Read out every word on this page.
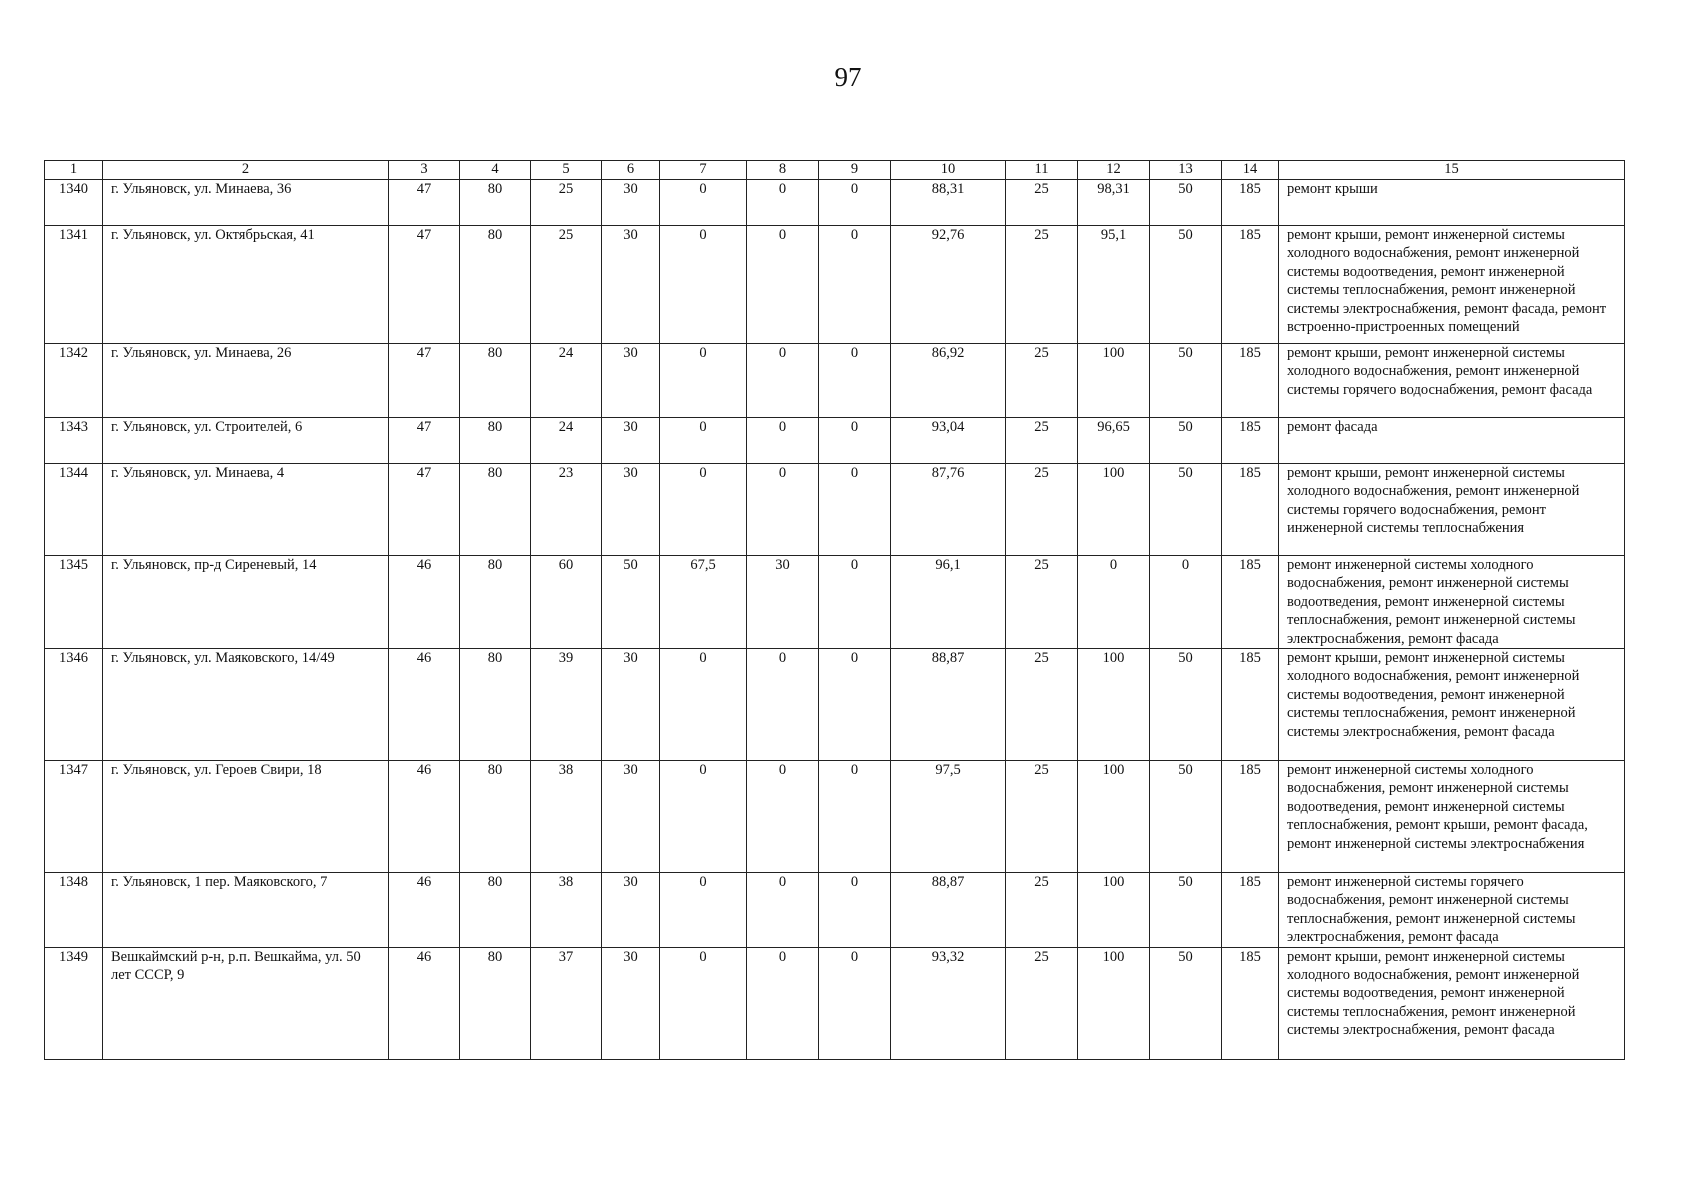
97
1	2	3	4	5	6	7	8	9	10	11	12	13	14	15
1340	г. Ульяновск, ул. Минаева, 36	47	80	25	30	0	0	0	88,31	25	98,31	50	185	ремонт крыши
1341	г. Ульяновск, ул. Октябрьская, 41	47	80	25	30	0	0	0	92,76	25	95,1	50	185	ремонт крыши, ремонт инженерной системы холодного водоснабжения, ремонт инженерной системы водоотведения, ремонт инженерной системы теплоснабжения, ремонт инженерной системы электроснабжения, ремонт фасада, ремонт встроенно-пристроенных помещений
1342	г. Ульяновск, ул. Минаева, 26	47	80	24	30	0	0	0	86,92	25	100	50	185	ремонт крыши, ремонт инженерной системы холодного водоснабжения, ремонт инженерной системы горячего водоснабжения, ремонт фасада
1343	г. Ульяновск, ул. Строителей, 6	47	80	24	30	0	0	0	93,04	25	96,65	50	185	ремонт фасада
1344	г. Ульяновск, ул. Минаева, 4	47	80	23	30	0	0	0	87,76	25	100	50	185	ремонт крыши, ремонт инженерной системы холодного водоснабжения, ремонт инженерной системы горячего водоснабжения, ремонт инженерной системы теплоснабжения
1345	г. Ульяновск, пр-д Сиреневый, 14	46	80	60	50	67,5	30	0	96,1	25	0	0	185	ремонт инженерной системы холодного водоснабжения, ремонт инженерной системы водоотведения, ремонт инженерной системы теплоснабжения, ремонт инженерной системы электроснабжения, ремонт фасада
1346	г. Ульяновск, ул. Маяковского, 14/49	46	80	39	30	0	0	0	88,87	25	100	50	185	ремонт крыши, ремонт инженерной системы холодного водоснабжения, ремонт инженерной системы водоотведения, ремонт инженерной системы теплоснабжения, ремонт инженерной системы электроснабжения, ремонт фасада
1347	г. Ульяновск, ул. Героев Свири, 18	46	80	38	30	0	0	0	97,5	25	100	50	185	ремонт инженерной системы холодного водоснабжения, ремонт инженерной системы водоотведения, ремонт инженерной системы теплоснабжения, ремонт крыши, ремонт фасада, ремонт инженерной системы электроснабжения
1348	г. Ульяновск, 1 пер. Маяковского, 7	46	80	38	30	0	0	0	88,87	25	100	50	185	ремонт инженерной системы горячего водоснабжения, ремонт инженерной системы теплоснабжения, ремонт инженерной системы электроснабжения, ремонт фасада
1349	Вешкаймский р-н, р.п. Вешкайма, ул. 50 лет СССР, 9	46	80	37	30	0	0	0	93,32	25	100	50	185	ремонт крыши, ремонт инженерной системы холодного водоснабжения, ремонт инженерной системы водоотведения, ремонт инженерной системы теплоснабжения, ремонт инженерной системы электроснабжения, ремонт фасада
